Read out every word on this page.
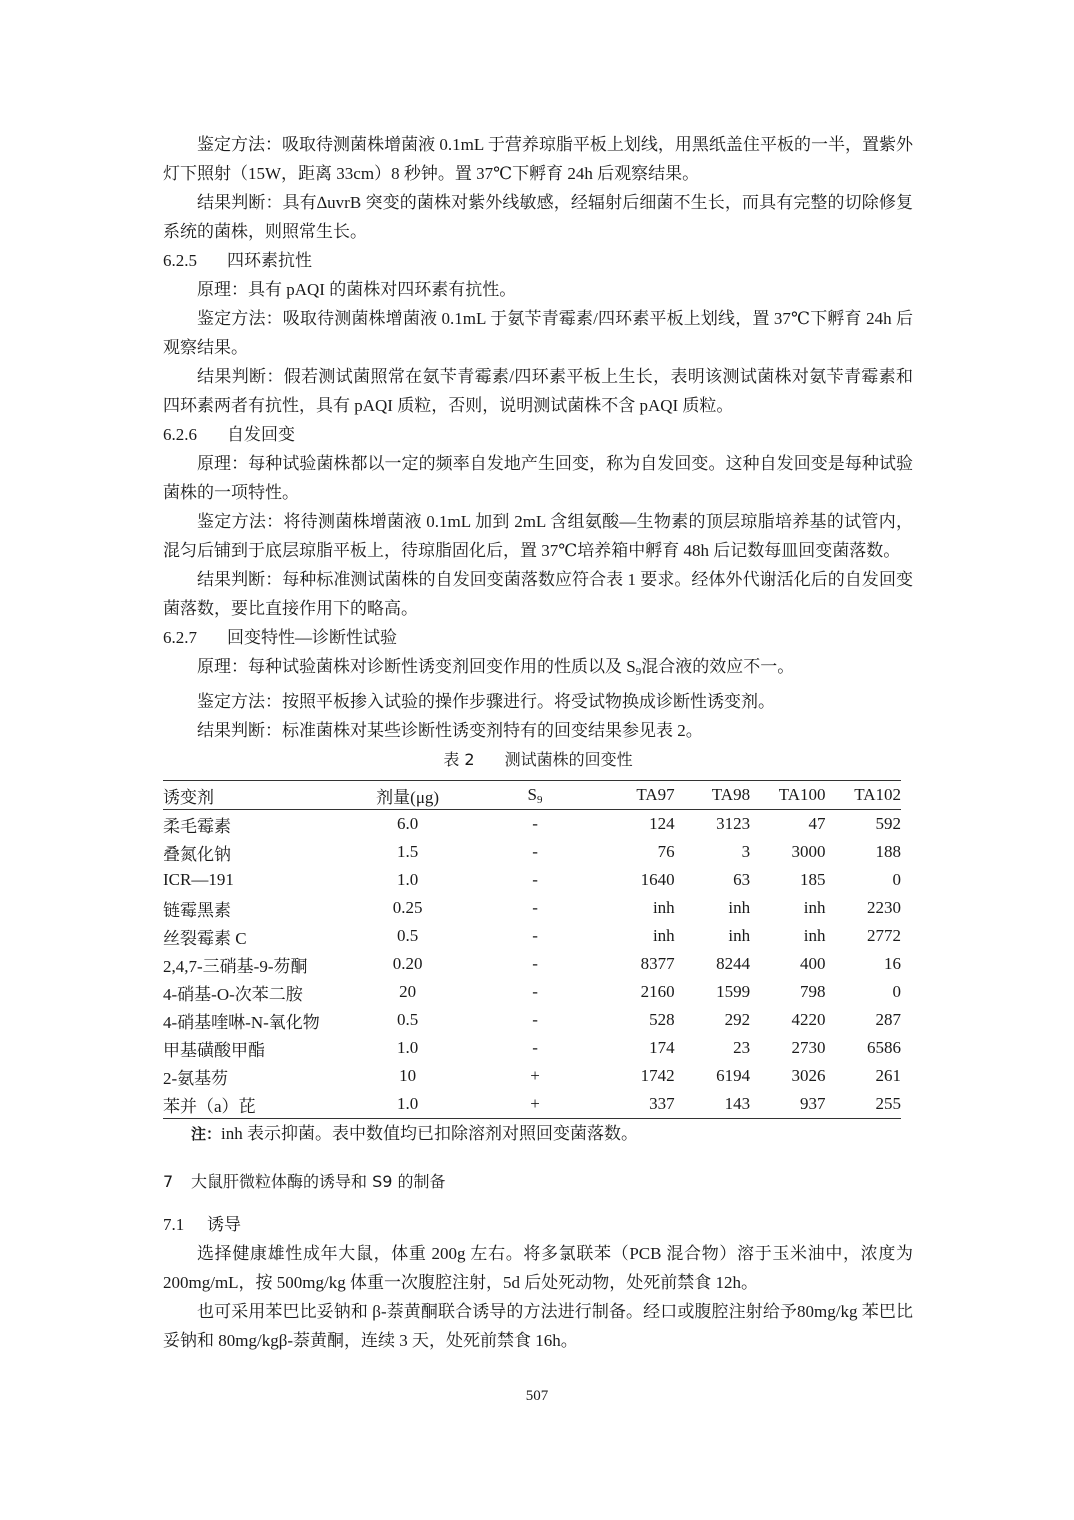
鉴定方法：吸取待测菌株增菌液 0.1mL 于营养琼脂平板上划线，用黑纸盖住平板的一半，置紫外灯下照射（15W，距离 33cm）8 秒钟。置 37℃下孵育 24h 后观察结果。

结果判断：具有∆uvrB 突变的菌株对紫外线敏感，经辐射后细菌不生长，而具有完整的切除修复系统的菌株，则照常生长。

6.2.5 四环素抗性

原理：具有 pAQI 的菌株对四环素有抗性。

鉴定方法：吸取待测菌株增菌液 0.1mL 于氨苄青霉素/四环素平板上划线，置 37℃下孵育 24h 后观察结果。

结果判断：假若测试菌照常在氨苄青霉素/四环素平板上生长，表明该测试菌株对氨苄青霉素和四环素两者有抗性，具有 pAQI 质粒，否则，说明测试菌株不含 pAQI 质粒。

6.2.6 自发回变

原理：每种试验菌株都以一定的频率自发地产生回变，称为自发回变。这种自发回变是每种试验菌株的一项特性。

鉴定方法：将待测菌株增菌液 0.1mL 加到 2mL 含组氨酸—生物素的顶层琼脂培养基的试管内，混匀后铺到于底层琼脂平板上，待琼脂固化后，置 37℃培养箱中孵育 48h 后记数每皿回变菌落数。

结果判断：每种标准测试菌株的自发回变菌落数应符合表 1 要求。经体外代谢活化后的自发回变菌落数，要比直接作用下的略高。

6.2.7 回变特性—诊断性试验

原理：每种试验菌株对诊断性诱变剂回变作用的性质以及 $S_9$混合液的效应不一。

鉴定方法：按照平板掺入试验的操作步骤进行。将受试物换成诊断性诱变剂。

结果判断：标准菌株对某些诊断性诱变剂特有的回变结果参见表 2。

表 2 测试菌株的回变性

诱变剂	剂量(μg)	$S_9$	TA97	TA98	TA100	TA102
柔毛霉素	6.0	-	124	3123	47	592
叠氮化钠	1.5	-	76	3	3000	188
ICR—191	1.0	-	1640	63	185	0
链霉黑素	0.25	-	inh	inh	inh	2230
丝裂霉素 C	0.5	-	inh	inh	inh	2772
2,4,7-三硝基-9-芴酮	0.20	-	8377	8244	400	16
4-硝基-O-次苯二胺	20	-	2160	1599	798	0
4-硝基喹啉-N-氧化物	0.5	-	528	292	4220	287
甲基磺酸甲酯	1.0	-	174	23	2730	6586
2-氨基芴	10	+	1742	6194	3026	261
苯并（a）芘	1.0	+	337	143	937	255

注：inh 表示抑菌。表中数值均已扣除溶剂对照回变菌落数。

7 大鼠肝微粒体酶的诱导和 S9 的制备

7.1 诱导

选择健康雄性成年大鼠，体重 200g 左右。将多氯联苯（PCB 混合物）溶于玉米油中，浓度为 200mg/mL，按 500mg/kg 体重一次腹腔注射，5d 后处死动物，处死前禁食 12h。

也可采用苯巴比妥钠和 β-萘黄酮联合诱导的方法进行制备。经口或腹腔注射给予80mg/kg 苯巴比妥钠和 80mg/kgβ-萘黄酮，连续 3 天，处死前禁食 16h。

507
